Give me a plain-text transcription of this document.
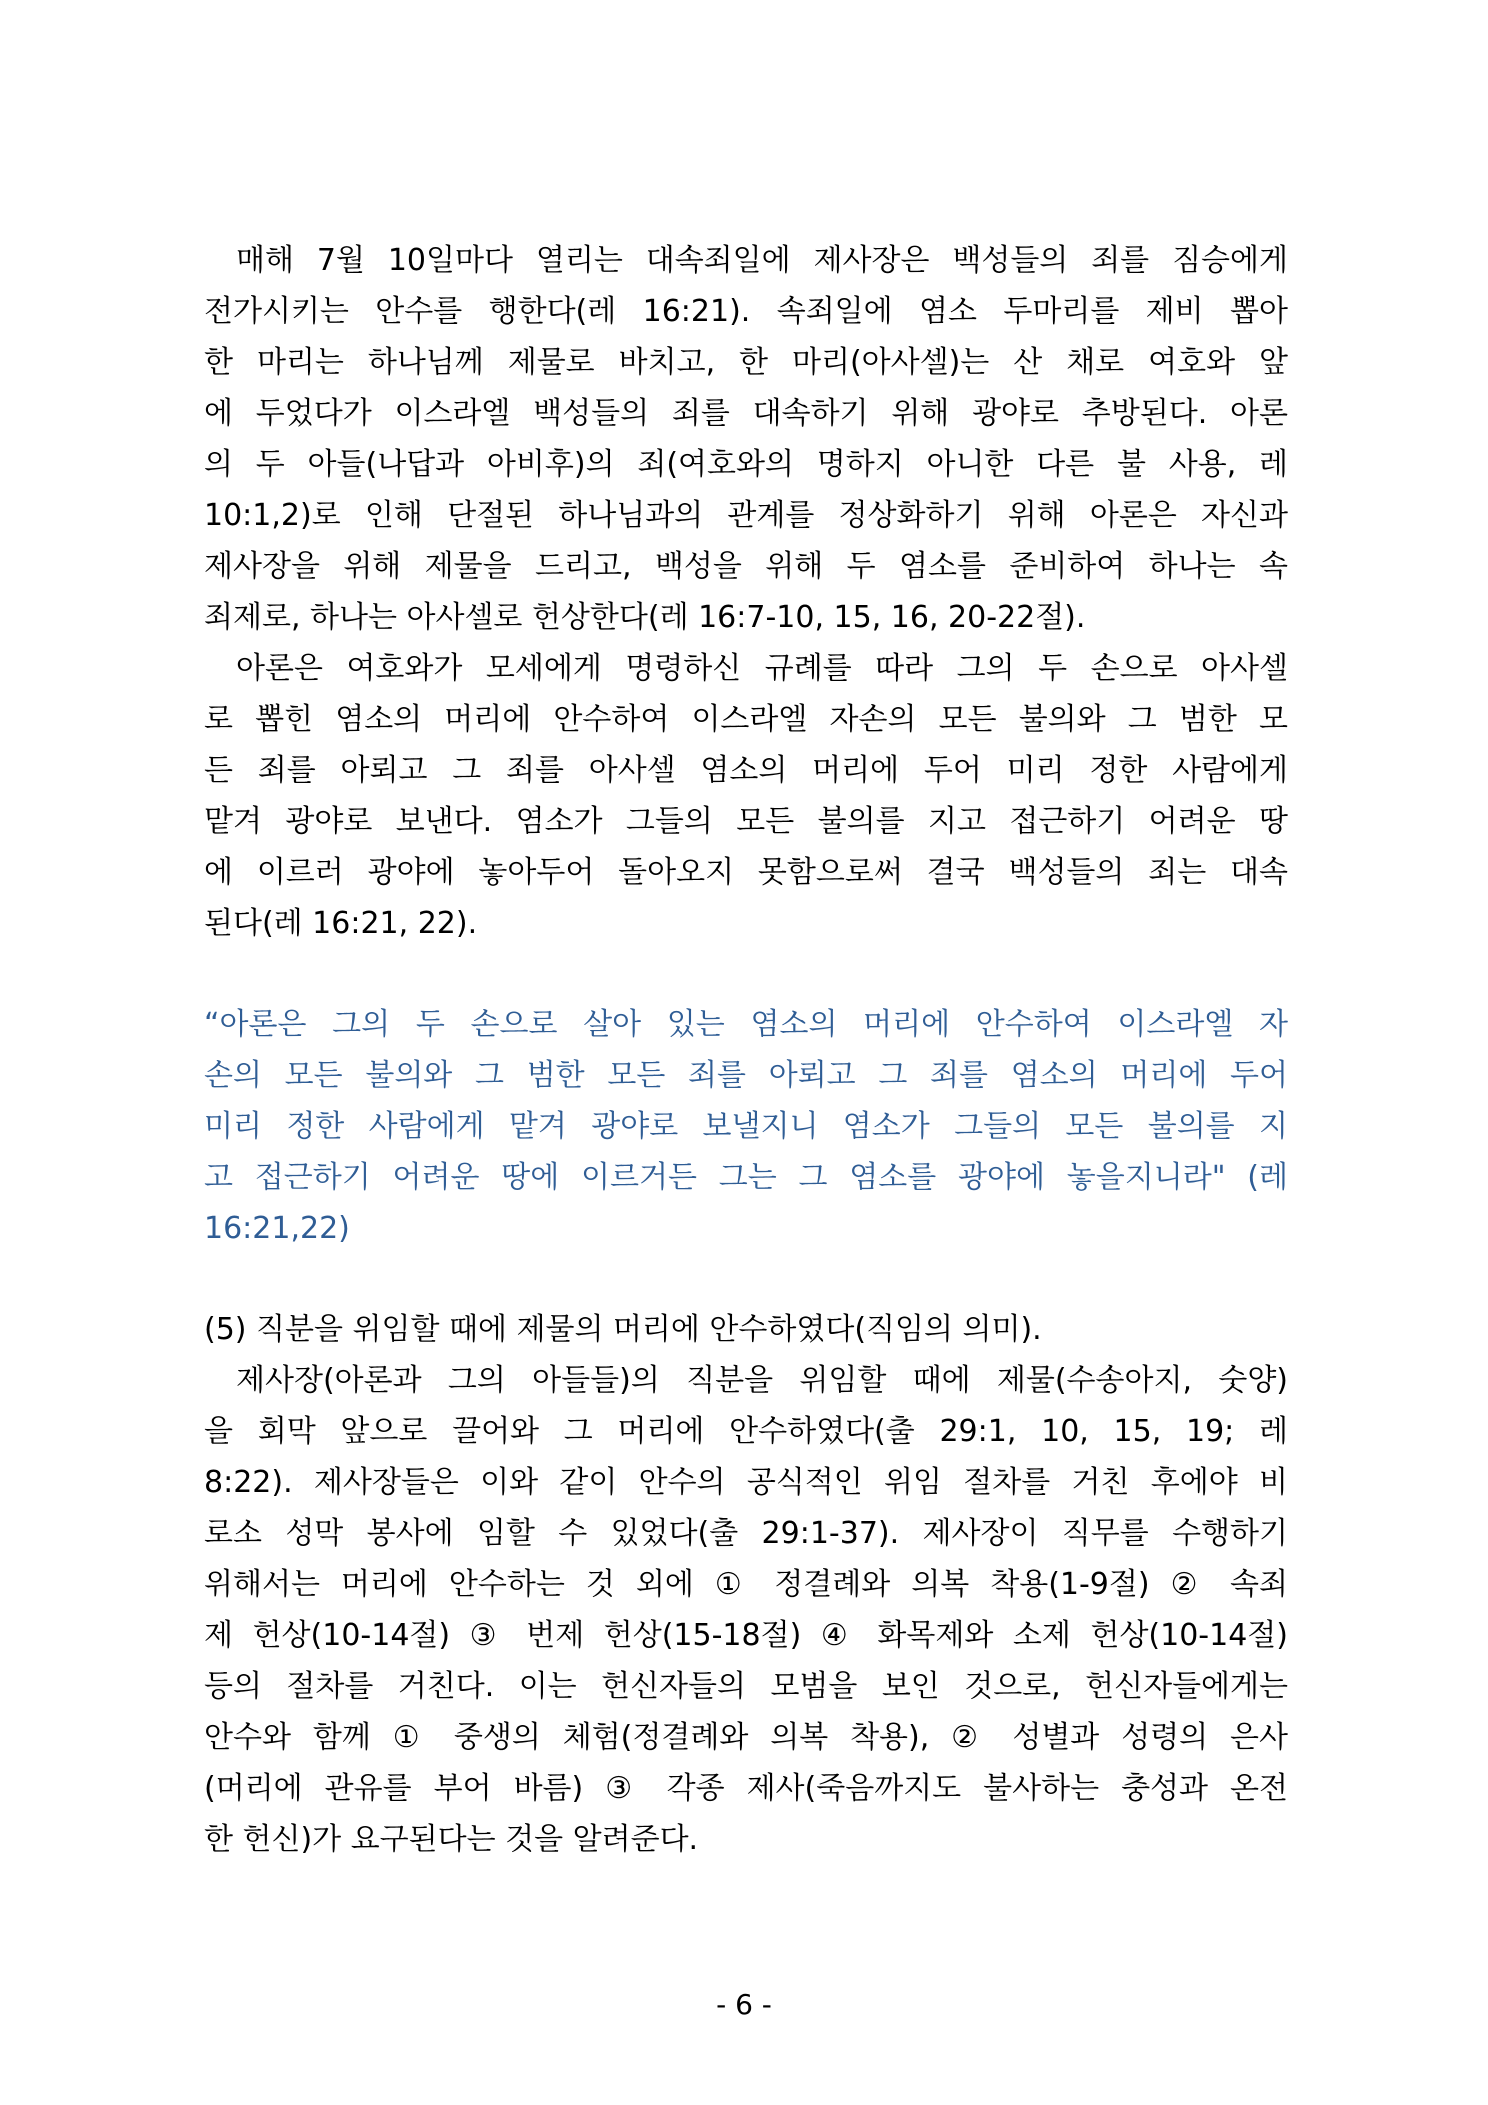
매해 7월 10일마다 열리는 대속죄일에 제사장은 백성들의 죄를 짐승에게
전가시키는 안수를 행한다(레 16:21). 속죄일에 염소 두마리를 제비 뽑아
한 마리는 하나님께 제물로 바치고, 한 마리(아사셀)는 산 채로 여호와 앞
에 두었다가 이스라엘 백성들의 죄를 대속하기 위해 광야로 추방된다. 아론
의 두 아들(나답과 아비후)의 죄(여호와의 명하지 아니한 다른 불 사용, 레
10:1,2)로 인해 단절된 하나님과의 관계를 정상화하기 위해 아론은 자신과
제사장을 위해 제물을 드리고, 백성을 위해 두 염소를 준비하여 하나는 속
죄제로, 하나는 아사셀로 헌상한다(레 16:7-10, 15, 16, 20-22절).
아론은 여호와가 모세에게 명령하신 규례를 따라 그의 두 손으로 아사셀
로 뽑힌 염소의 머리에 안수하여 이스라엘 자손의 모든 불의와 그 범한 모
든 죄를 아뢰고 그 죄를 아사셀 염소의 머리에 두어 미리 정한 사람에게
맡겨 광야로 보낸다. 염소가 그들의 모든 불의를 지고 접근하기 어려운 땅
에 이르러 광야에 놓아두어 돌아오지 못함으로써 결국 백성들의 죄는 대속
된다(레 16:21, 22).
“아론은 그의 두 손으로 살아 있는 염소의 머리에 안수하여 이스라엘 자
손의 모든 불의와 그 범한 모든 죄를 아뢰고 그 죄를 염소의 머리에 두어
미리 정한 사람에게 맡겨 광야로 보낼지니 염소가 그들의 모든 불의를 지
고 접근하기 어려운 땅에 이르거든 그는 그 염소를 광야에 놓을지니라" (레
16:21,22)
(5) 직분을 위임할 때에 제물의 머리에 안수하였다(직임의 의미).
제사장(아론과 그의 아들들)의 직분을 위임할 때에 제물(수송아지, 숫양)
을 회막 앞으로 끌어와 그 머리에 안수하였다(출 29:1, 10, 15, 19; 레
8:22). 제사장들은 이와 같이 안수의 공식적인 위임 절차를 거친 후에야 비
로소 성막 봉사에 임할 수 있었다(출 29:1-37). 제사장이 직무를 수행하기
위해서는 머리에 안수하는 것 외에 ① 정결례와 의복 착용(1-9절) ② 속죄
제 헌상(10-14절) ③ 번제 헌상(15-18절) ④ 화목제와 소제 헌상(10-14절)
등의 절차를 거친다. 이는 헌신자들의 모범을 보인 것으로, 헌신자들에게는
안수와 함께 ① 중생의 체험(정결례와 의복 착용), ② 성별과 성령의 은사
(머리에 관유를 부어 바름) ③ 각종 제사(죽음까지도 불사하는 충성과 온전
한 헌신)가 요구된다는 것을 알려준다.
- 6 -
